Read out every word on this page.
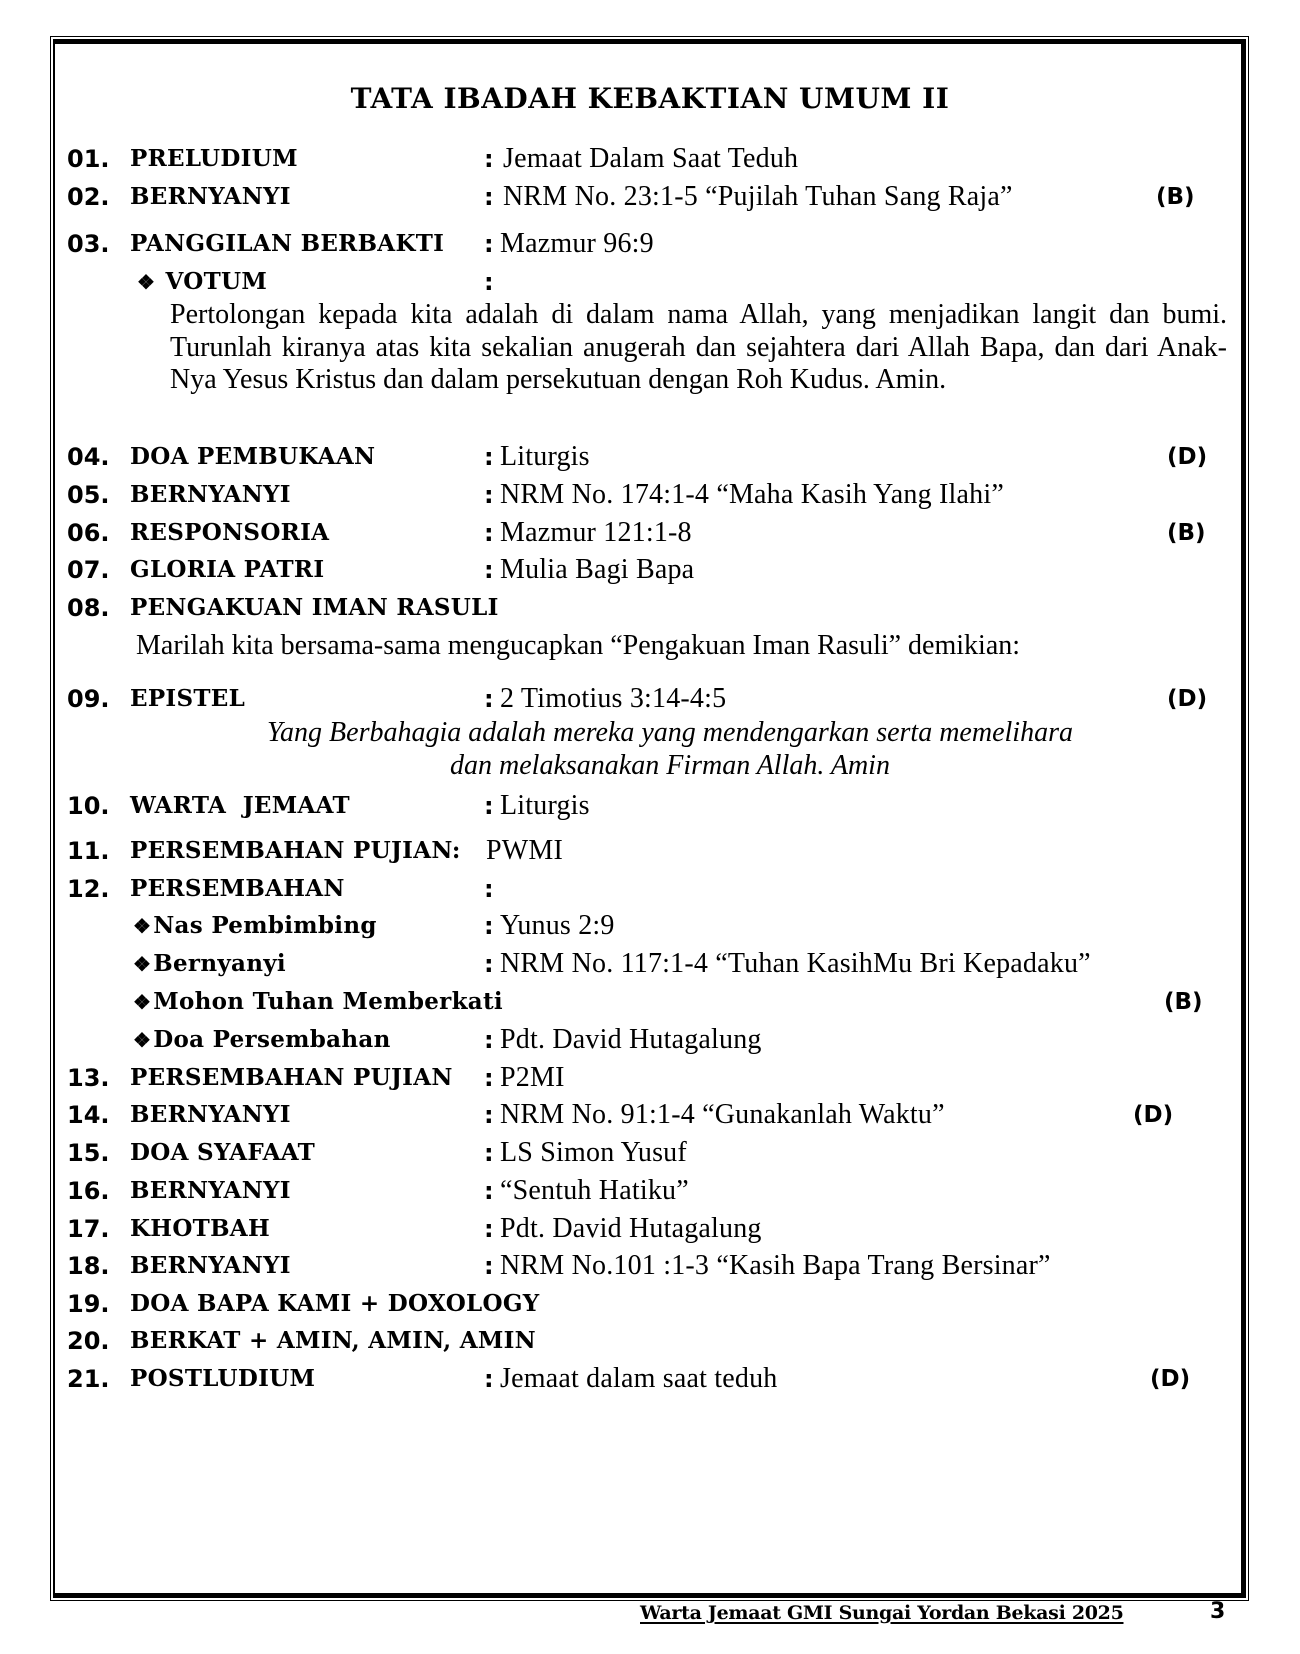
TATA IBADAH KEBAKTIAN UMUM II
01. PRELUDIUM	: Jemaat Dalam Saat Teduh
02. BERNYANYI	: NRM No. 23:1-5 “Pujilah Tuhan Sang Raja”	(B)
03. PANGGILAN BERBAKTI : Mazmur 96:9
❖ VOTUM	:
Pertolongan kepada kita adalah di dalam nama Allah, yang menjadikan langit dan bumi. Turunlah kiranya atas kita sekalian anugerah dan sejahtera dari Allah Bapa, dan dari Anak-Nya Yesus Kristus dan dalam persekutuan dengan Roh Kudus. Amin.
04. DOA PEMBUKAAN	: Liturgis	(D)
05. BERNYANYI	: NRM No. 174:1-4 “Maha Kasih Yang Ilahi”
06. RESPONSORIA	: Mazmur 121:1-8	(B)
07. GLORIA PATRI	: Mulia Bagi Bapa
08. PENGAKUAN IMAN RASULI
Marilah kita bersama-sama mengucapkan “Pengakuan Iman Rasuli” demikian:
09. EPISTEL	: 2 Timotius 3:14-4:5	(D)
Yang Berbahagia adalah mereka yang mendengarkan serta memelihara
dan melaksanakan Firman Allah. Amin
10. WARTA  JEMAAT	: Liturgis
11. PERSEMBAHAN PUJIAN: PWMI
12. PERSEMBAHAN	:
❖Nas Pembimbing	: Yunus 2:9
❖Bernyanyi	: NRM No. 117:1-4 “Tuhan KasihMu Bri Kepadaku”
❖Mohon Tuhan Memberkati	(B)
❖Doa Persembahan	: Pdt. David Hutagalung
13. PERSEMBAHAN PUJIAN : P2MI
14. BERNYANYI	: NRM No. 91:1-4 “Gunakanlah Waktu”	(D)
15. DOA SYAFAAT	: LS Simon Yusuf
16. BERNYANYI	: “Sentuh Hatiku”
17. KHOTBAH	: Pdt. David Hutagalung
18. BERNYANYI	: NRM No.101 :1-3 “Kasih Bapa Trang Bersinar”
19. DOA BAPA KAMI + DOXOLOGY
20. BERKAT + AMIN, AMIN, AMIN
21. POSTLUDIUM	: Jemaat dalam saat teduh	(D)
Warta Jemaat GMI Sungai Yordan Bekasi 2025	3
